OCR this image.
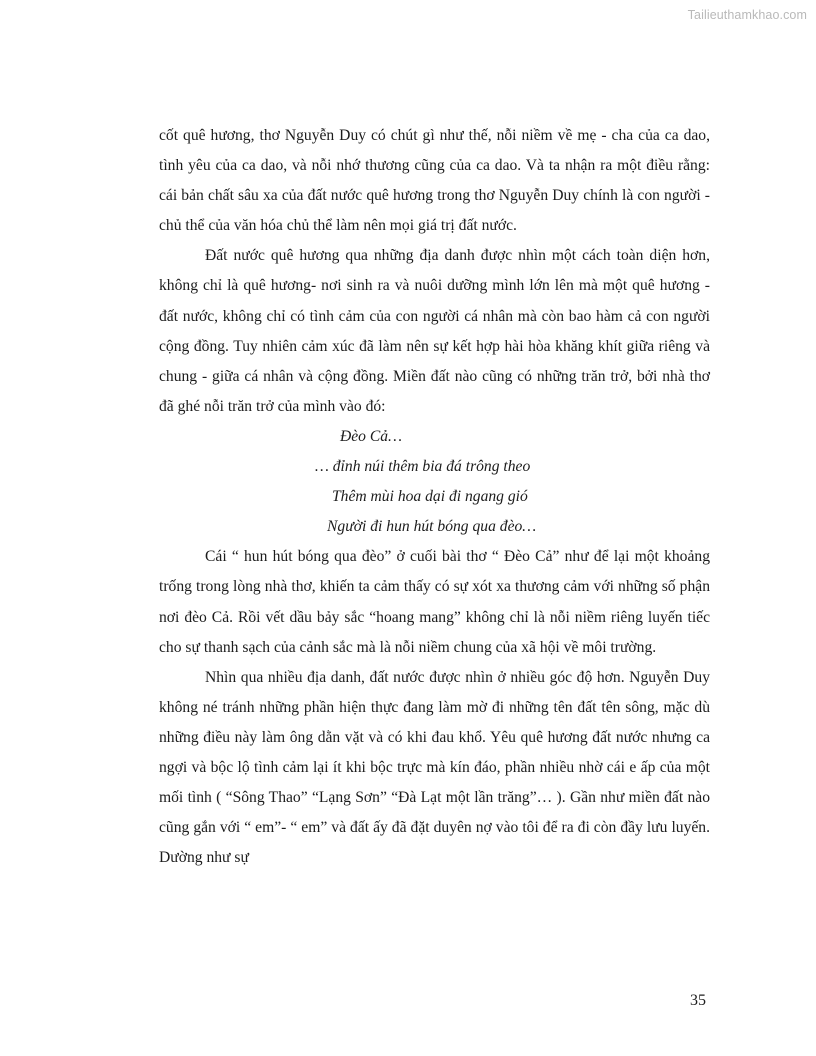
Tailieuthamkhao.com

cốt quê hương, thơ Nguyễn Duy có chút gì như thế, nỗi niềm về mẹ - cha của ca dao, tình yêu của ca dao, và nỗi nhớ thương cũng của ca dao. Và ta nhận ra một điều rằng: cái bản chất sâu xa của đất nước quê hương trong thơ Nguyễn Duy chính là con người - chủ thể của văn hóa chủ thể làm nên mọi giá trị đất nước.

Đất nước quê hương qua những địa danh được nhìn một cách toàn diện hơn, không chỉ là quê hương- nơi sinh ra và nuôi dưỡng mình lớn lên mà một quê hương - đất nước, không chỉ có tình cảm của con người cá nhân mà còn bao hàm cả con người cộng đồng. Tuy nhiên cảm xúc đã làm nên sự kết hợp hài hòa khăng khít giữa riêng và chung - giữa cá nhân và cộng đồng. Miền đất nào cũng có những trăn trở, bởi nhà thơ đã ghé nỗi trăn trở của mình vào đó:

Đèo Cả…
… đỉnh núi thêm bia đá trông theo
Thêm mùi hoa dại đi ngang gió
Người đi hun hút bóng qua đèo…

Cái “ hun hút bóng qua đèo” ở cuối bài thơ “ Đèo Cả” như để lại một khoảng trống trong lòng nhà thơ, khiến ta cảm thấy có sự xót xa thương cảm với những số phận nơi đèo Cả. Rồi vết dầu bảy sắc “hoang mang” không chỉ là nỗi niềm riêng luyến tiếc cho sự thanh sạch của cảnh sắc mà là nỗi niềm chung của xã hội về môi trường.

Nhìn qua nhiều địa danh, đất nước được nhìn ở nhiều góc độ hơn. Nguyễn Duy không né tránh những phần hiện thực đang làm mờ đi những tên đất tên sông, mặc dù những điều này làm ông dằn vặt và có khi đau khổ. Yêu quê hương đất nước nhưng ca ngợi và bộc lộ tình cảm lại ít khi bộc trực mà kín đáo, phần nhiều nhờ cái e ấp của một mối tình ( “Sông Thao” “Lạng Sơn” “Đà Lạt một lần trăng”… ). Gần như miền đất nào cũng gắn với “ em”- “ em” và đất ấy đã đặt duyên nợ vào tôi để ra đi còn đầy lưu luyến. Dường như sự

35
